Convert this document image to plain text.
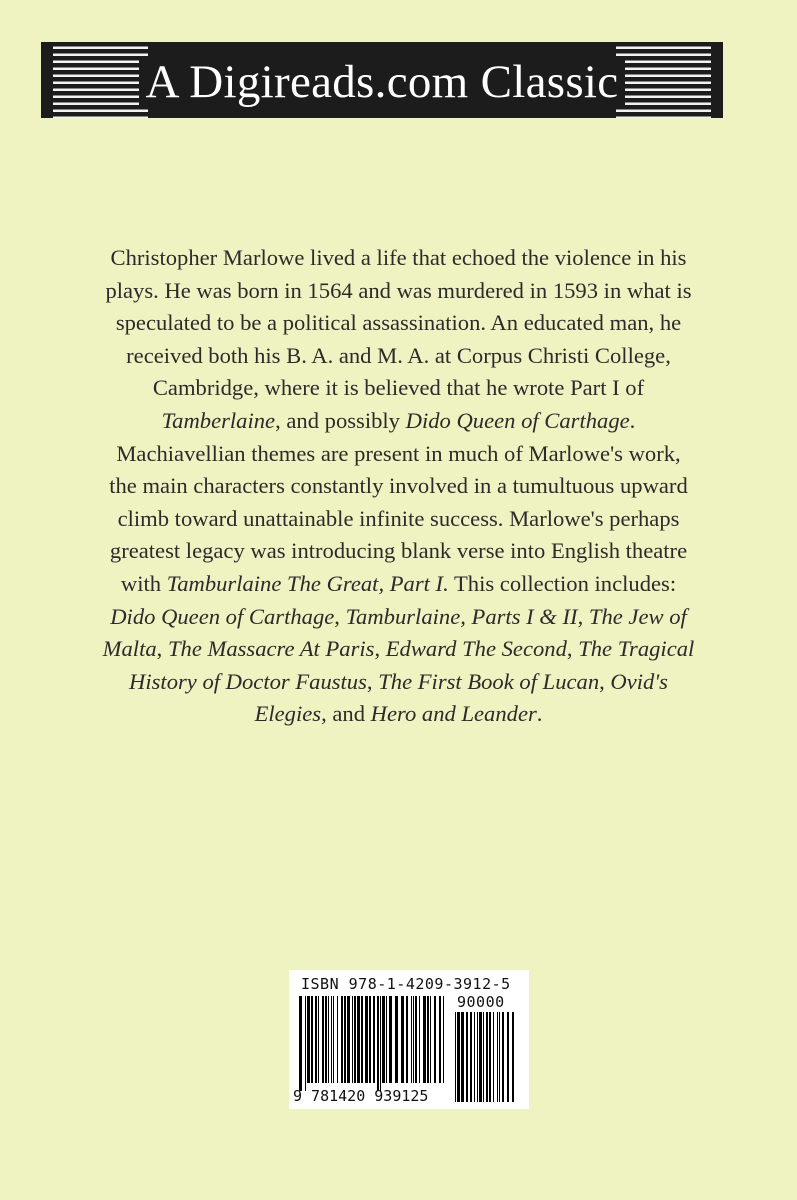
A Digireads.com Classic

Christopher Marlowe lived a life that echoed the violence in his plays. He was born in 1564 and was murdered in 1593 in what is speculated to be a political assassination. An educated man, he received both his B. A. and M. A. at Corpus Christi College, Cambridge, where it is believed that he wrote Part I of Tamberlaine, and possibly Dido Queen of Carthage. Machiavellian themes are present in much of Marlowe's work, the main characters constantly involved in a tumultuous upward climb toward unattainable infinite success. Marlowe's perhaps greatest legacy was introducing blank verse into English theatre with Tamburlaine The Great, Part I. This collection includes: Dido Queen of Carthage, Tamburlaine, Parts I & II, The Jew of Malta, The Massacre At Paris, Edward The Second, The Tragical History of Doctor Faustus, The First Book of Lucan, Ovid's Elegies, and Hero and Leander.

ISBN 978-1-4209-3912-5
90000
9 781420 939125
